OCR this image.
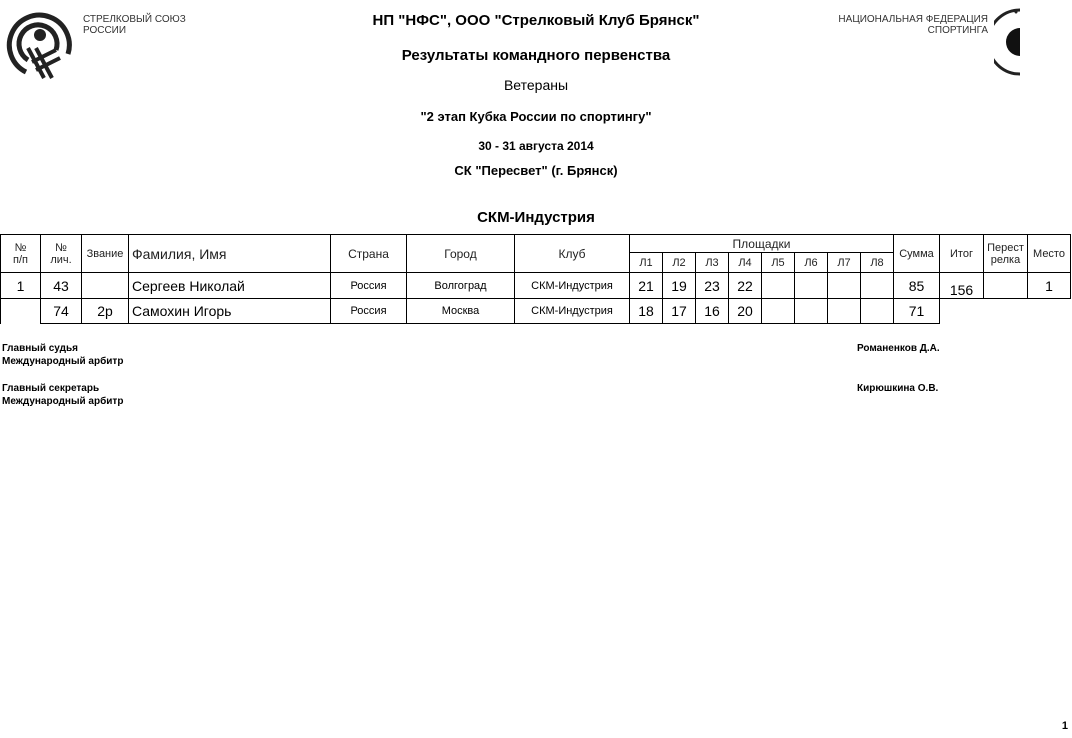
СТРЕЛКОВЫЙ СОЮЗ
РОССИИ
НАЦИОНАЛЬНАЯ ФЕДЕРАЦИЯ
СПОРТИНГА
НП "НФС", ООО "Стрелковый Клуб Брянск"
Результаты командного первенства
Ветераны
"2 этап Кубка России по спортингу"
30 - 31 августа 2014
СК "Пересвет" (г. Брянск)
СКМ-Индустрия
№
п/п	№
лич.	Звание	Фамилия, Имя	Страна	Город	Клуб	Площадки								Сумма	Итог	Перест
релка	Место
							Л1	Л2	Л3	Л4	Л5	Л6	Л7	Л8				
1	43		Сергеев Николай	Россия	Волгоград	СКМ-Индустрия	21	19	23	22					85	156		1
	74	2р	Самохин Игорь	Россия	Москва	СКМ-Индустрия	18	17	16	20					71			
Главный судья
Международный арбитр
Романенков Д.А.
Главный секретарь
Международный арбитр
Кирюшкина О.В.
1
